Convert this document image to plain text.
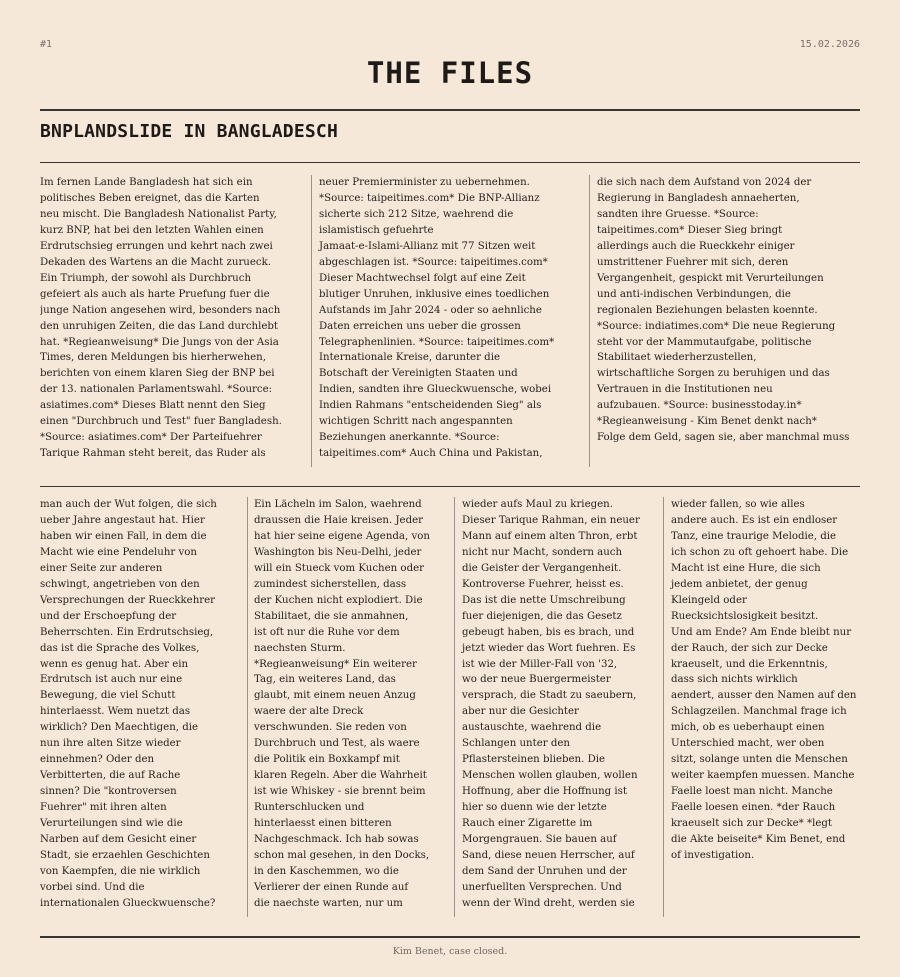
#1	15.02.2026
THE FILES
BNPLANDSLIDE IN BANGLADESCH
Im fernen Lande Bangladesh hat sich ein
politisches Beben ereignet, das die Karten
neu mischt. Die Bangladesh Nationalist Party,
kurz BNP, hat bei den letzten Wahlen einen
Erdrutschsieg errungen und kehrt nach zwei
Dekaden des Wartens an die Macht zurueck.
Ein Triumph, der sowohl als Durchbruch
gefeiert als auch als harte Pruefung fuer die
junge Nation angesehen wird, besonders nach
den unruhigen Zeiten, die das Land durchlebt
hat. *Regieanweisung* Die Jungs von der Asia
Times, deren Meldungen bis hierherwehen,
berichten von einem klaren Sieg der BNP bei
der 13. nationalen Parlamentswahl. *Source:
asiatimes.com* Dieses Blatt nennt den Sieg
einen "Durchbruch und Test" fuer Bangladesh.
*Source: asiatimes.com* Der Parteifuehrer
Tarique Rahman steht bereit, das Ruder als
neuer Premierminister zu uebernehmen.
*Source: taipeitimes.com* Die BNP-Allianz
sicherte sich 212 Sitze, waehrend die
islamistisch gefuehrte
Jamaat-e-Islami-Allianz mit 77 Sitzen weit
abgeschlagen ist. *Source: taipeitimes.com*
Dieser Machtwechsel folgt auf eine Zeit
blutiger Unruhen, inklusive eines toedlichen
Aufstands im Jahr 2024 - oder so aehnliche
Daten erreichen uns ueber die grossen
Telegraphenlinien. *Source: taipeitimes.com*
Internationale Kreise, darunter die
Botschaft der Vereinigten Staaten und
Indien, sandten ihre Glueckwuensche, wobei
Indien Rahmans "entscheidenden Sieg" als
wichtigen Schritt nach angespannten
Beziehungen anerkannte. *Source:
taipeitimes.com* Auch China und Pakistan,
die sich nach dem Aufstand von 2024 der
Regierung in Bangladesh annaeherten,
sandten ihre Gruesse. *Source:
taipeitimes.com* Dieser Sieg bringt
allerdings auch die Rueckkehr einiger
umstrittener Fuehrer mit sich, deren
Vergangenheit, gespickt mit Verurteilungen
und anti-indischen Verbindungen, die
regionalen Beziehungen belasten koennte.
*Source: indiatimes.com* Die neue Regierung
steht vor der Mammutaufgabe, politische
Stabilitaet wiederherzustellen,
wirtschaftliche Sorgen zu beruhigen und das
Vertrauen in die Institutionen neu
aufzubauen. *Source: businesstoday.in*
*Regieanweisung - Kim Benet denkt nach*
Folge dem Geld, sagen sie, aber manchmal muss
man auch der Wut folgen, die sich
ueber Jahre angestaut hat. Hier
haben wir einen Fall, in dem die
Macht wie eine Pendeluhr von
einer Seite zur anderen
schwingt, angetrieben von den
Versprechungen der Rueckkehrer
und der Erschoepfung der
Beherrschten. Ein Erdrutschsieg,
das ist die Sprache des Volkes,
wenn es genug hat. Aber ein
Erdrutsch ist auch nur eine
Bewegung, die viel Schutt
hinterlaesst. Wem nuetzt das
wirklich? Den Maechtigen, die
nun ihre alten Sitze wieder
einnehmen? Oder den
Verbitterten, die auf Rache
sinnen? Die "kontroversen
Fuehrer" mit ihren alten
Verurteilungen sind wie die
Narben auf dem Gesicht einer
Stadt, sie erzaehlen Geschichten
von Kaempfen, die nie wirklich
vorbei sind. Und die
internationalen Glueckwuensche?
Ein Lächeln im Salon, waehrend
draussen die Haie kreisen. Jeder
hat hier seine eigene Agenda, von
Washington bis Neu-Delhi, jeder
will ein Stueck vom Kuchen oder
zumindest sicherstellen, dass
der Kuchen nicht explodiert. Die
Stabilitaet, die sie anmahnen,
ist oft nur die Ruhe vor dem
naechsten Sturm.
*Regieanweisung* Ein weiterer
Tag, ein weiteres Land, das
glaubt, mit einem neuen Anzug
waere der alte Dreck
verschwunden. Sie reden von
Durchbruch und Test, als waere
die Politik ein Boxkampf mit
klaren Regeln. Aber die Wahrheit
ist wie Whiskey - sie brennt beim
Runterschlucken und
hinterlaesst einen bitteren
Nachgeschmack. Ich hab sowas
schon mal gesehen, in den Docks,
in den Kaschemmen, wo die
Verlierer der einen Runde auf
die naechste warten, nur um
wieder aufs Maul zu kriegen.
Dieser Tarique Rahman, ein neuer
Mann auf einem alten Thron, erbt
nicht nur Macht, sondern auch
die Geister der Vergangenheit.
Kontroverse Fuehrer, heisst es.
Das ist die nette Umschreibung
fuer diejenigen, die das Gesetz
gebeugt haben, bis es brach, und
jetzt wieder das Wort fuehren. Es
ist wie der Miller-Fall von '32,
wo der neue Buergermeister
versprach, die Stadt zu saeubern,
aber nur die Gesichter
austauschte, waehrend die
Schlangen unter den
Pflastersteinen blieben. Die
Menschen wollen glauben, wollen
Hoffnung, aber die Hoffnung ist
hier so duenn wie der letzte
Rauch einer Zigarette im
Morgengrauen. Sie bauen auf
Sand, diese neuen Herrscher, auf
dem Sand der Unruhen und der
unerfuellten Versprechen. Und
wenn der Wind dreht, werden sie
wieder fallen, so wie alles
andere auch. Es ist ein endloser
Tanz, eine traurige Melodie, die
ich schon zu oft gehoert habe. Die
Macht ist eine Hure, die sich
jedem anbietet, der genug
Kleingeld oder
Ruecksichtslosigkeit besitzt.
Und am Ende? Am Ende bleibt nur
der Rauch, der sich zur Decke
kraeuselt, und die Erkenntnis,
dass sich nichts wirklich
aendert, ausser den Namen auf den
Schlagzeilen. Manchmal frage ich
mich, ob es ueberhaupt einen
Unterschied macht, wer oben
sitzt, solange unten die Menschen
weiter kaempfen muessen. Manche
Faelle loest man nicht. Manche
Faelle loesen einen. *der Rauch
kraeuselt sich zur Decke* *legt
die Akte beiseite* Kim Benet, end
of investigation.
Kim Benet, case closed.
